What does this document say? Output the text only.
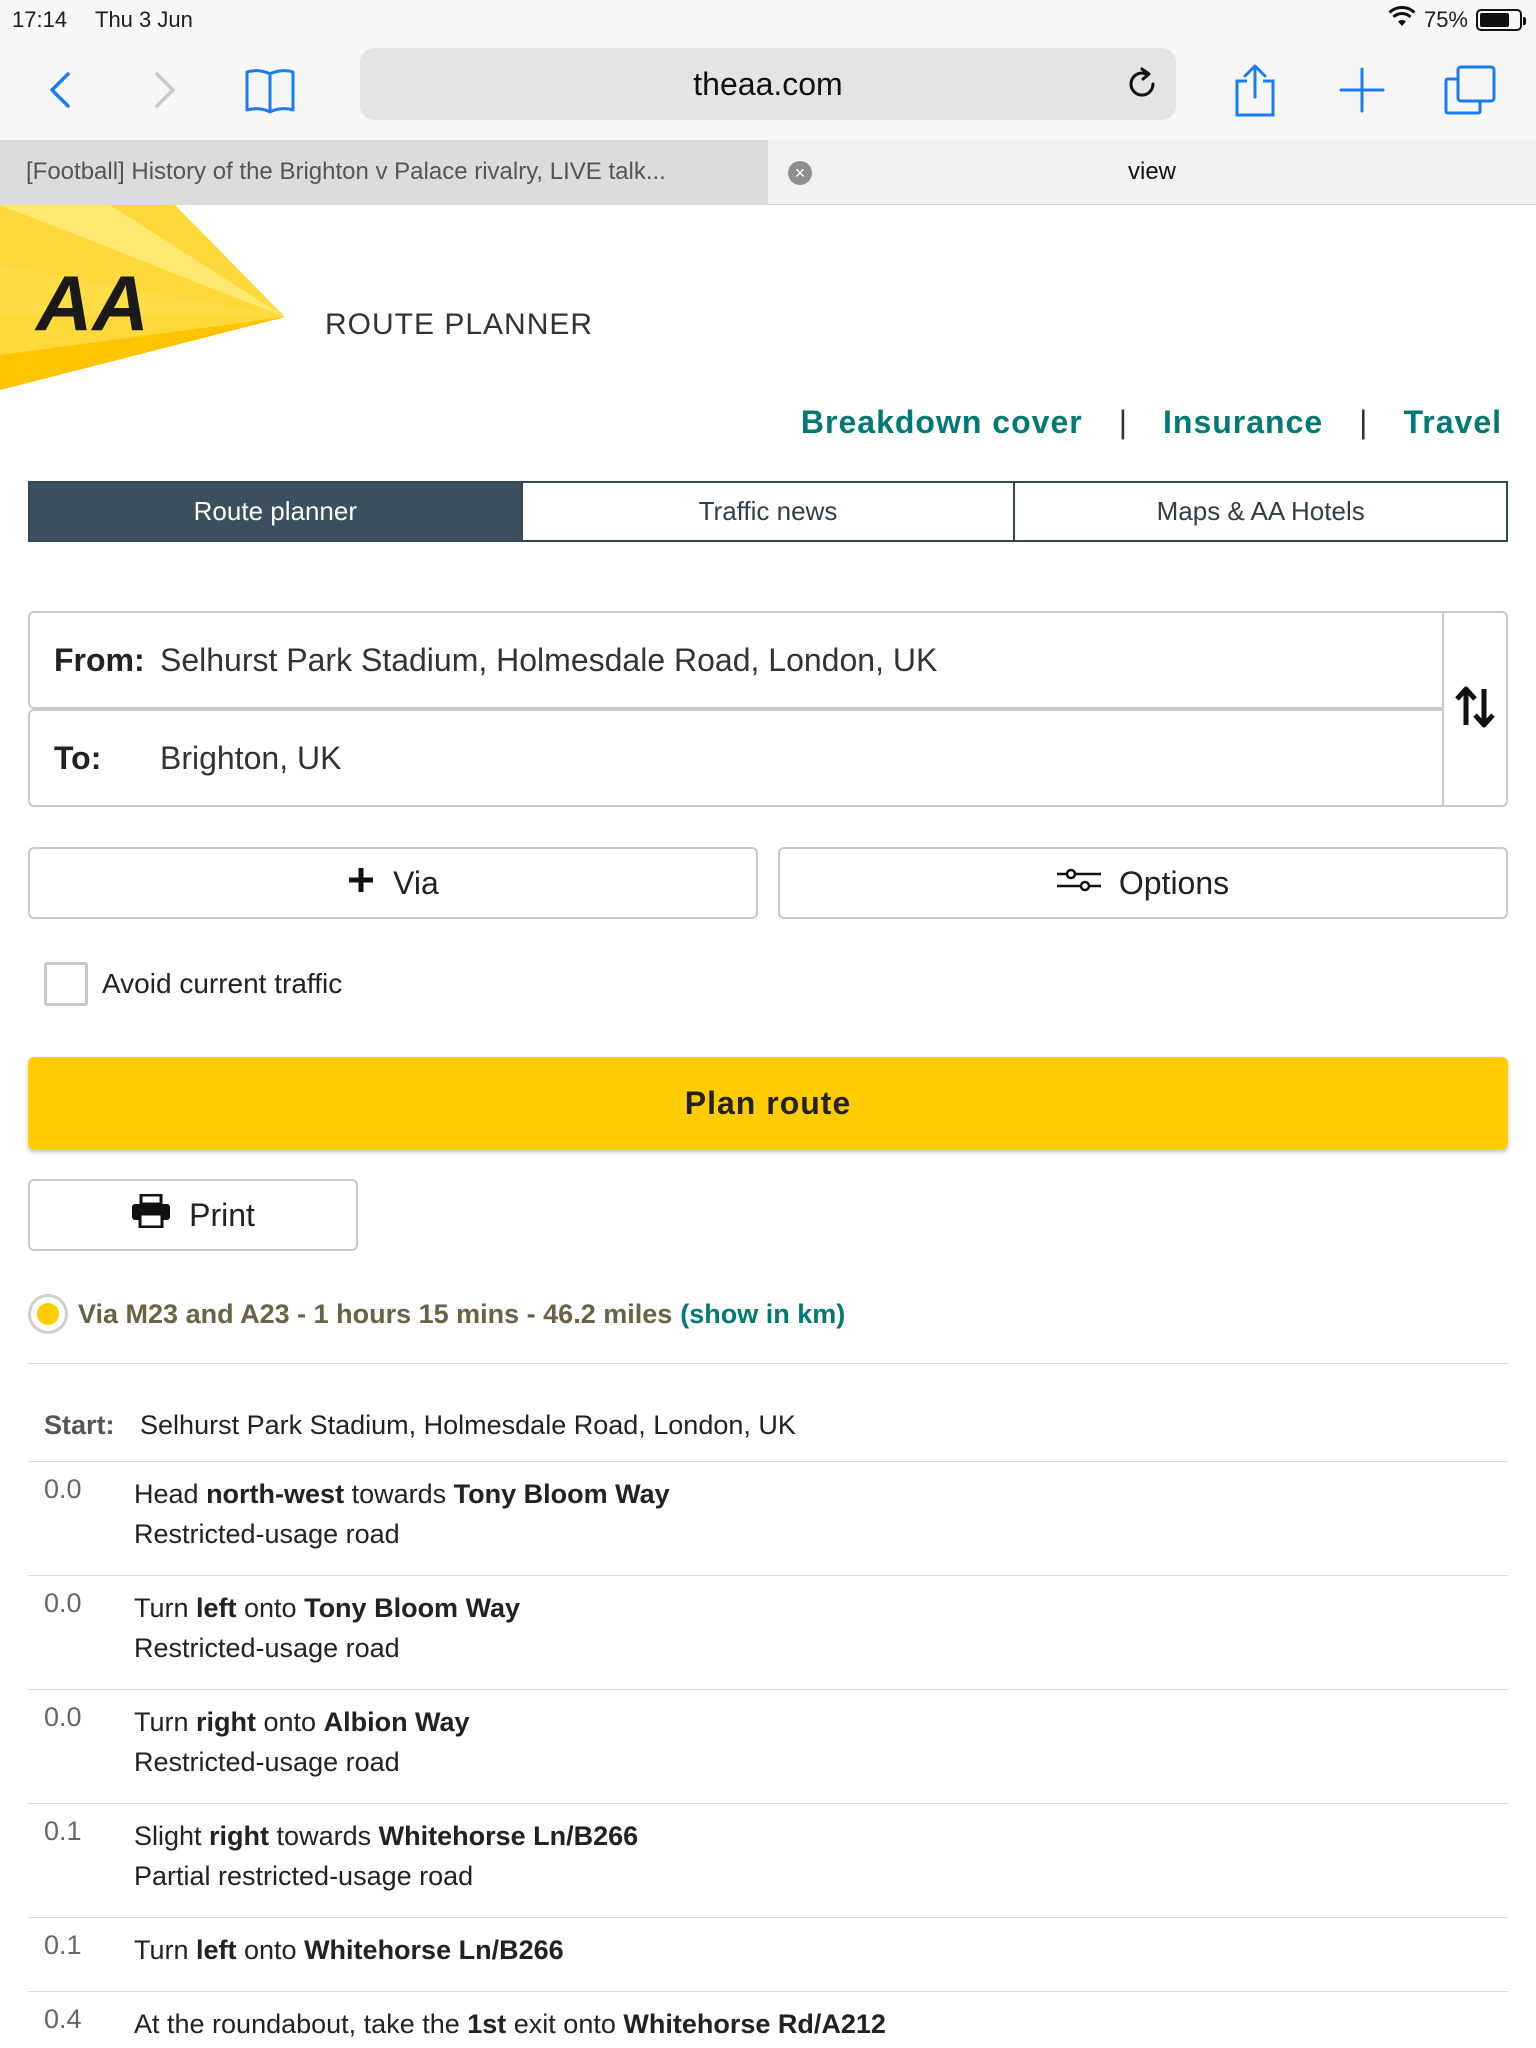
17:14 Thu 3 Jun	75%
theaa.com
[Football] History of the Brighton v Palace rivalry, LIVE talk...	×	view
AA	ROUTE PLANNER
Breakdown cover | Insurance | Travel
Route planner	Traffic news	Maps & AA Hotels
From: Selhurst Park Stadium, Holmesdale Road, London, UK
To:	Brighton, UK
Via	Options
Avoid current traffic
Plan route
Print
Via M23 and A23 - 1 hours 15 mins - 46.2 miles (show in km)
Start: Selhurst Park Stadium, Holmesdale Road, London, UK
0.0 Head north-west towards Tony Bloom Way
Restricted-usage road
0.0 Turn left onto Tony Bloom Way
Restricted-usage road
0.0 Turn right onto Albion Way
Restricted-usage road
0.1 Slight right towards Whitehorse Ln/B266
Partial restricted-usage road
0.1 Turn left onto Whitehorse Ln/B266
0.4 At the roundabout, take the 1st exit onto Whitehorse Rd/A212
